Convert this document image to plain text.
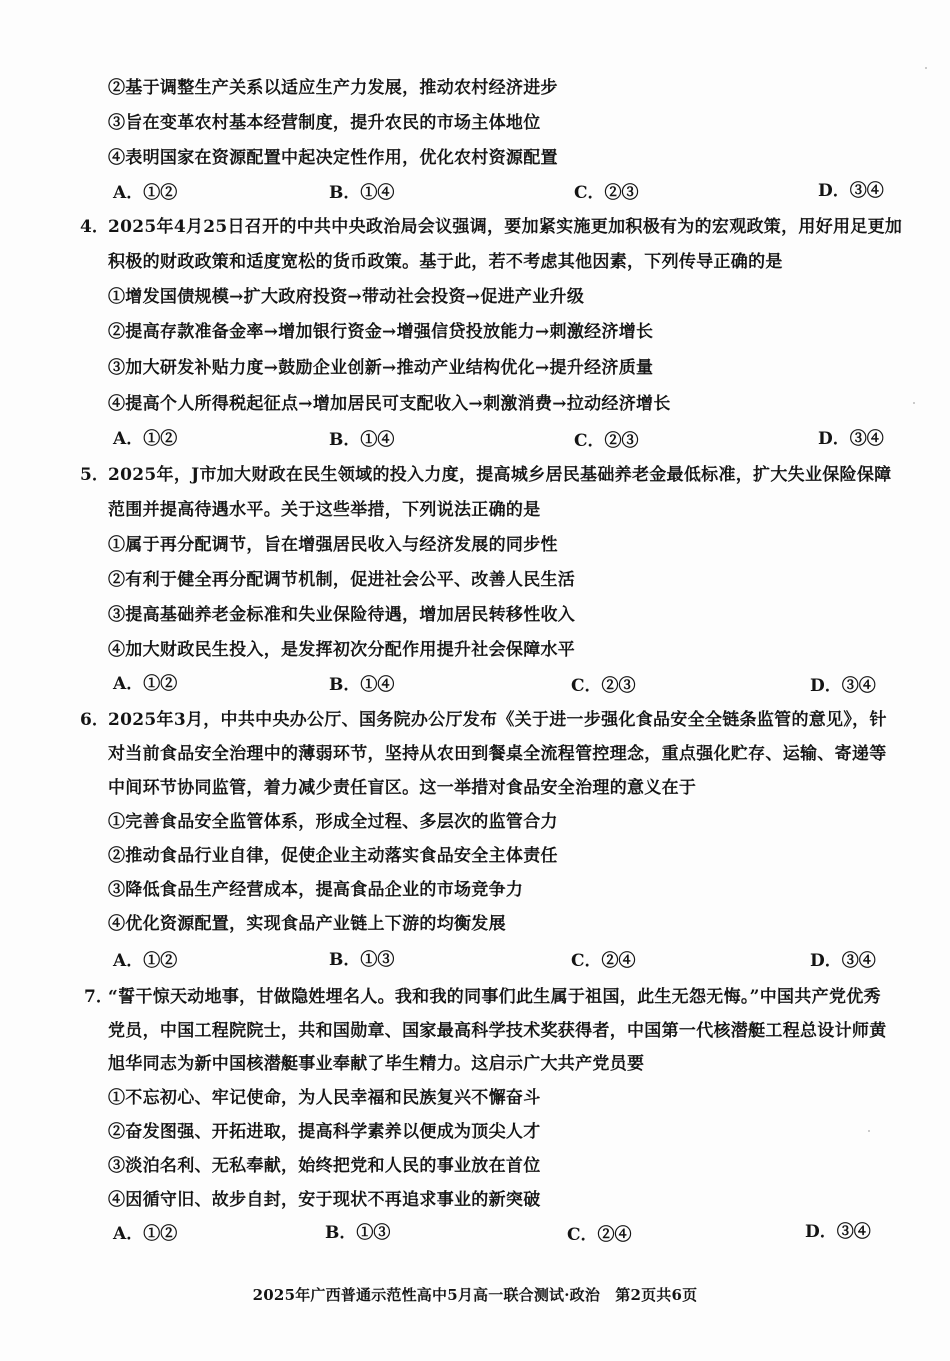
②基于调整生产关系以适应生产力发展，推动农村经济进步
③旨在变革农村基本经营制度，提升农民的市场主体地位
④表明国家在资源配置中起决定性作用，优化农村资源配置
A．①②	B．①④	C．②③	D．③④
4． 2025年4月25日召开的中共中央政治局会议强调，要加紧实施更加积极有为的宏观政策，用好用足更加
积极的财政政策和适度宽松的货币政策。基于此，若不考虑其他因素，下列传导正确的是
①增发国债规模→扩大政府投资→带动社会投资→促进产业升级
②提高存款准备金率→增加银行资金→增强信贷投放能力→刺激经济增长
③加大研发补贴力度→鼓励企业创新→推动产业结构优化→提升经济质量
④提高个人所得税起征点→增加居民可支配收入→刺激消费→拉动经济增长
A．①②	B．①④	C．②③	D．③④
5． 2025年，J市加大财政在民生领域的投入力度，提高城乡居民基础养老金最低标准，扩大失业保险保障
范围并提高待遇水平。关于这些举措，下列说法正确的是
①属于再分配调节，旨在增强居民收入与经济发展的同步性
②有利于健全再分配调节机制，促进社会公平、改善人民生活
③提高基础养老金标准和失业保险待遇，增加居民转移性收入
④加大财政民生投入，是发挥初次分配作用提升社会保障水平
A．①②	B．①④	C．②③	D．③④
6． 2025年3月，中共中央办公厅、国务院办公厅发布《关于进一步强化食品安全全链条监管的意见》，针
对当前食品安全治理中的薄弱环节，坚持从农田到餐桌全流程管控理念，重点强化贮存、运输、寄递等
中间环节协同监管，着力减少责任盲区。这一举措对食品安全治理的意义在于
①完善食品安全监管体系，形成全过程、多层次的监管合力
②推动食品行业自律，促使企业主动落实食品安全主体责任
③降低食品生产经营成本，提高食品企业的市场竞争力
④优化资源配置，实现食品产业链上下游的均衡发展
A．①②	B．①③	C．②④	D．③④
7．
“誓干惊天动地事，甘做隐姓埋名人。我和我的同事们此生属于祖国，此生无怨无悔。”中国共产党优秀
党员，中国工程院院士，共和国勋章、国家最高科学技术奖获得者，中国第一代核潜艇工程总设计师黄
旭华同志为新中国核潜艇事业奉献了毕生精力。这启示广大共产党员要
①不忘初心、牢记使命，为人民幸福和民族复兴不懈奋斗
②奋发图强、开拓进取，提高科学素养以便成为顶尖人才
③淡泊名利、无私奉献，始终把党和人民的事业放在首位
④因循守旧、故步自封，安于现状不再追求事业的新突破
A．①②	B．①③	C．②④	D．③④
2025年广西普通示范性高中5月高一联合测试·政治　第2页共6页
